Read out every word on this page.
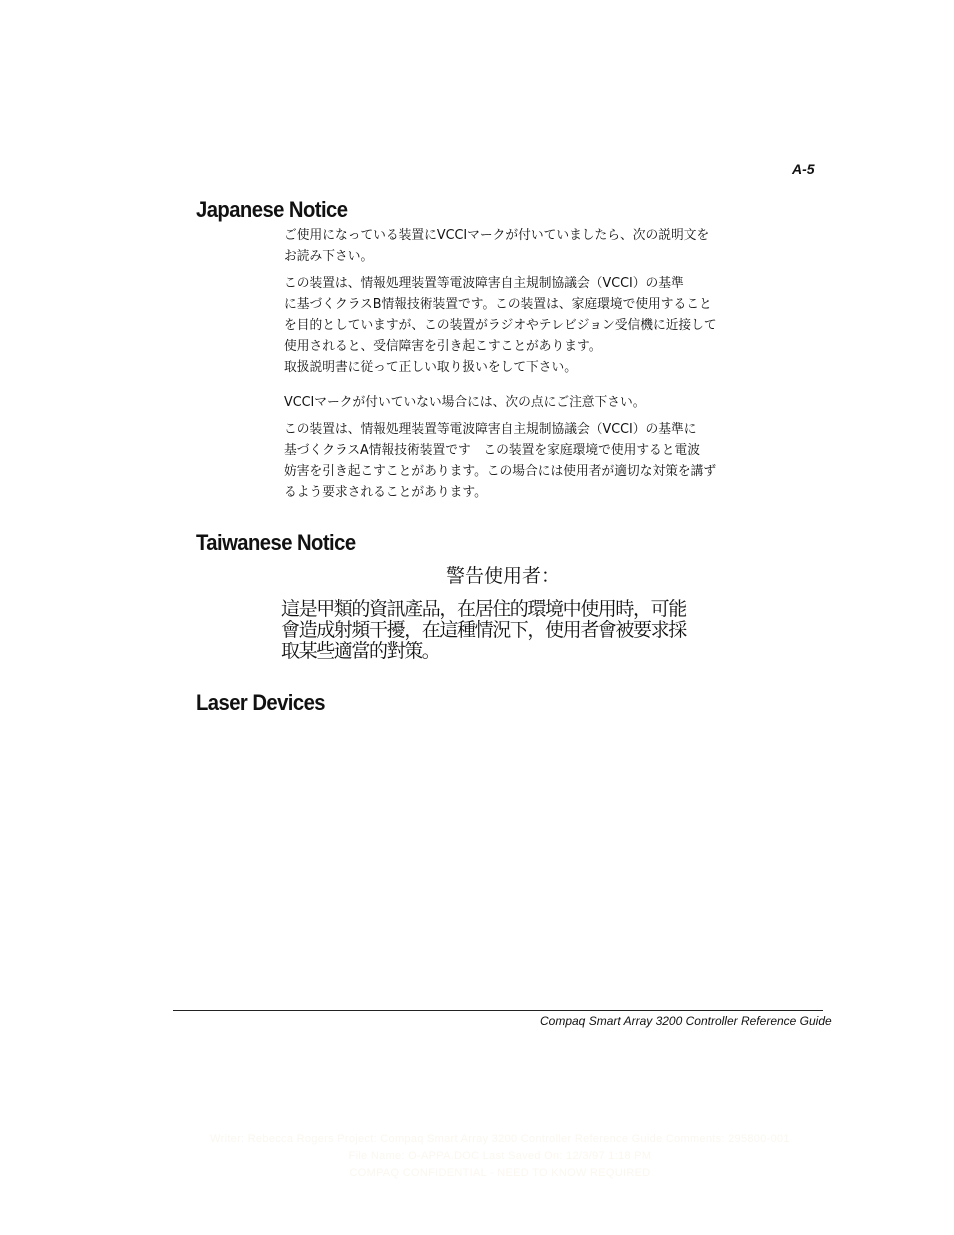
A-5
Japanese Notice
ご使用になっている装置にVCCIマークが付いていましたら、次の説明文を
お読み下さい。
この装置は、情報処理装置等電波障害自主規制協議会（VCCI）の基準
に基づくクラスB情報技術装置です。この装置は、家庭環境で使用すること
を目的としていますが、この装置がラジオやテレビジョン受信機に近接して
使用されると、受信障害を引き起こすことがあります。
取扱説明書に従って正しい取り扱いをして下さい。
VCCIマークが付いていない場合には、次の点にご注意下さい。
この装置は、情報処理装置等電波障害自主規制協議会（VCCI）の基準に
基づくクラスA情報技術装置です　この装置を家庭環境で使用すると電波
妨害を引き起こすことがあります。この場合には使用者が適切な対策を講ず
るよう要求されることがあります。
Taiwanese Notice
警告使用者：
這是甲類的資訊產品，在居住的環境中使用時，可能
會造成射頻干擾，在這種情況下，使用者會被要求採
取某些適當的對策。
Laser Devices
Compaq Smart Array 3200 Controller Reference Guide
Writer: Rebecca Rogers Project: Compaq Smart Array 3200 Controller Reference Guide Comments: 295800-001
File Name: O-APPA.DOC Last Saved On: 12/3/97 1:18 PM
COMPAQ CONFIDENTIAL - NEED TO KNOW REQUIRED
